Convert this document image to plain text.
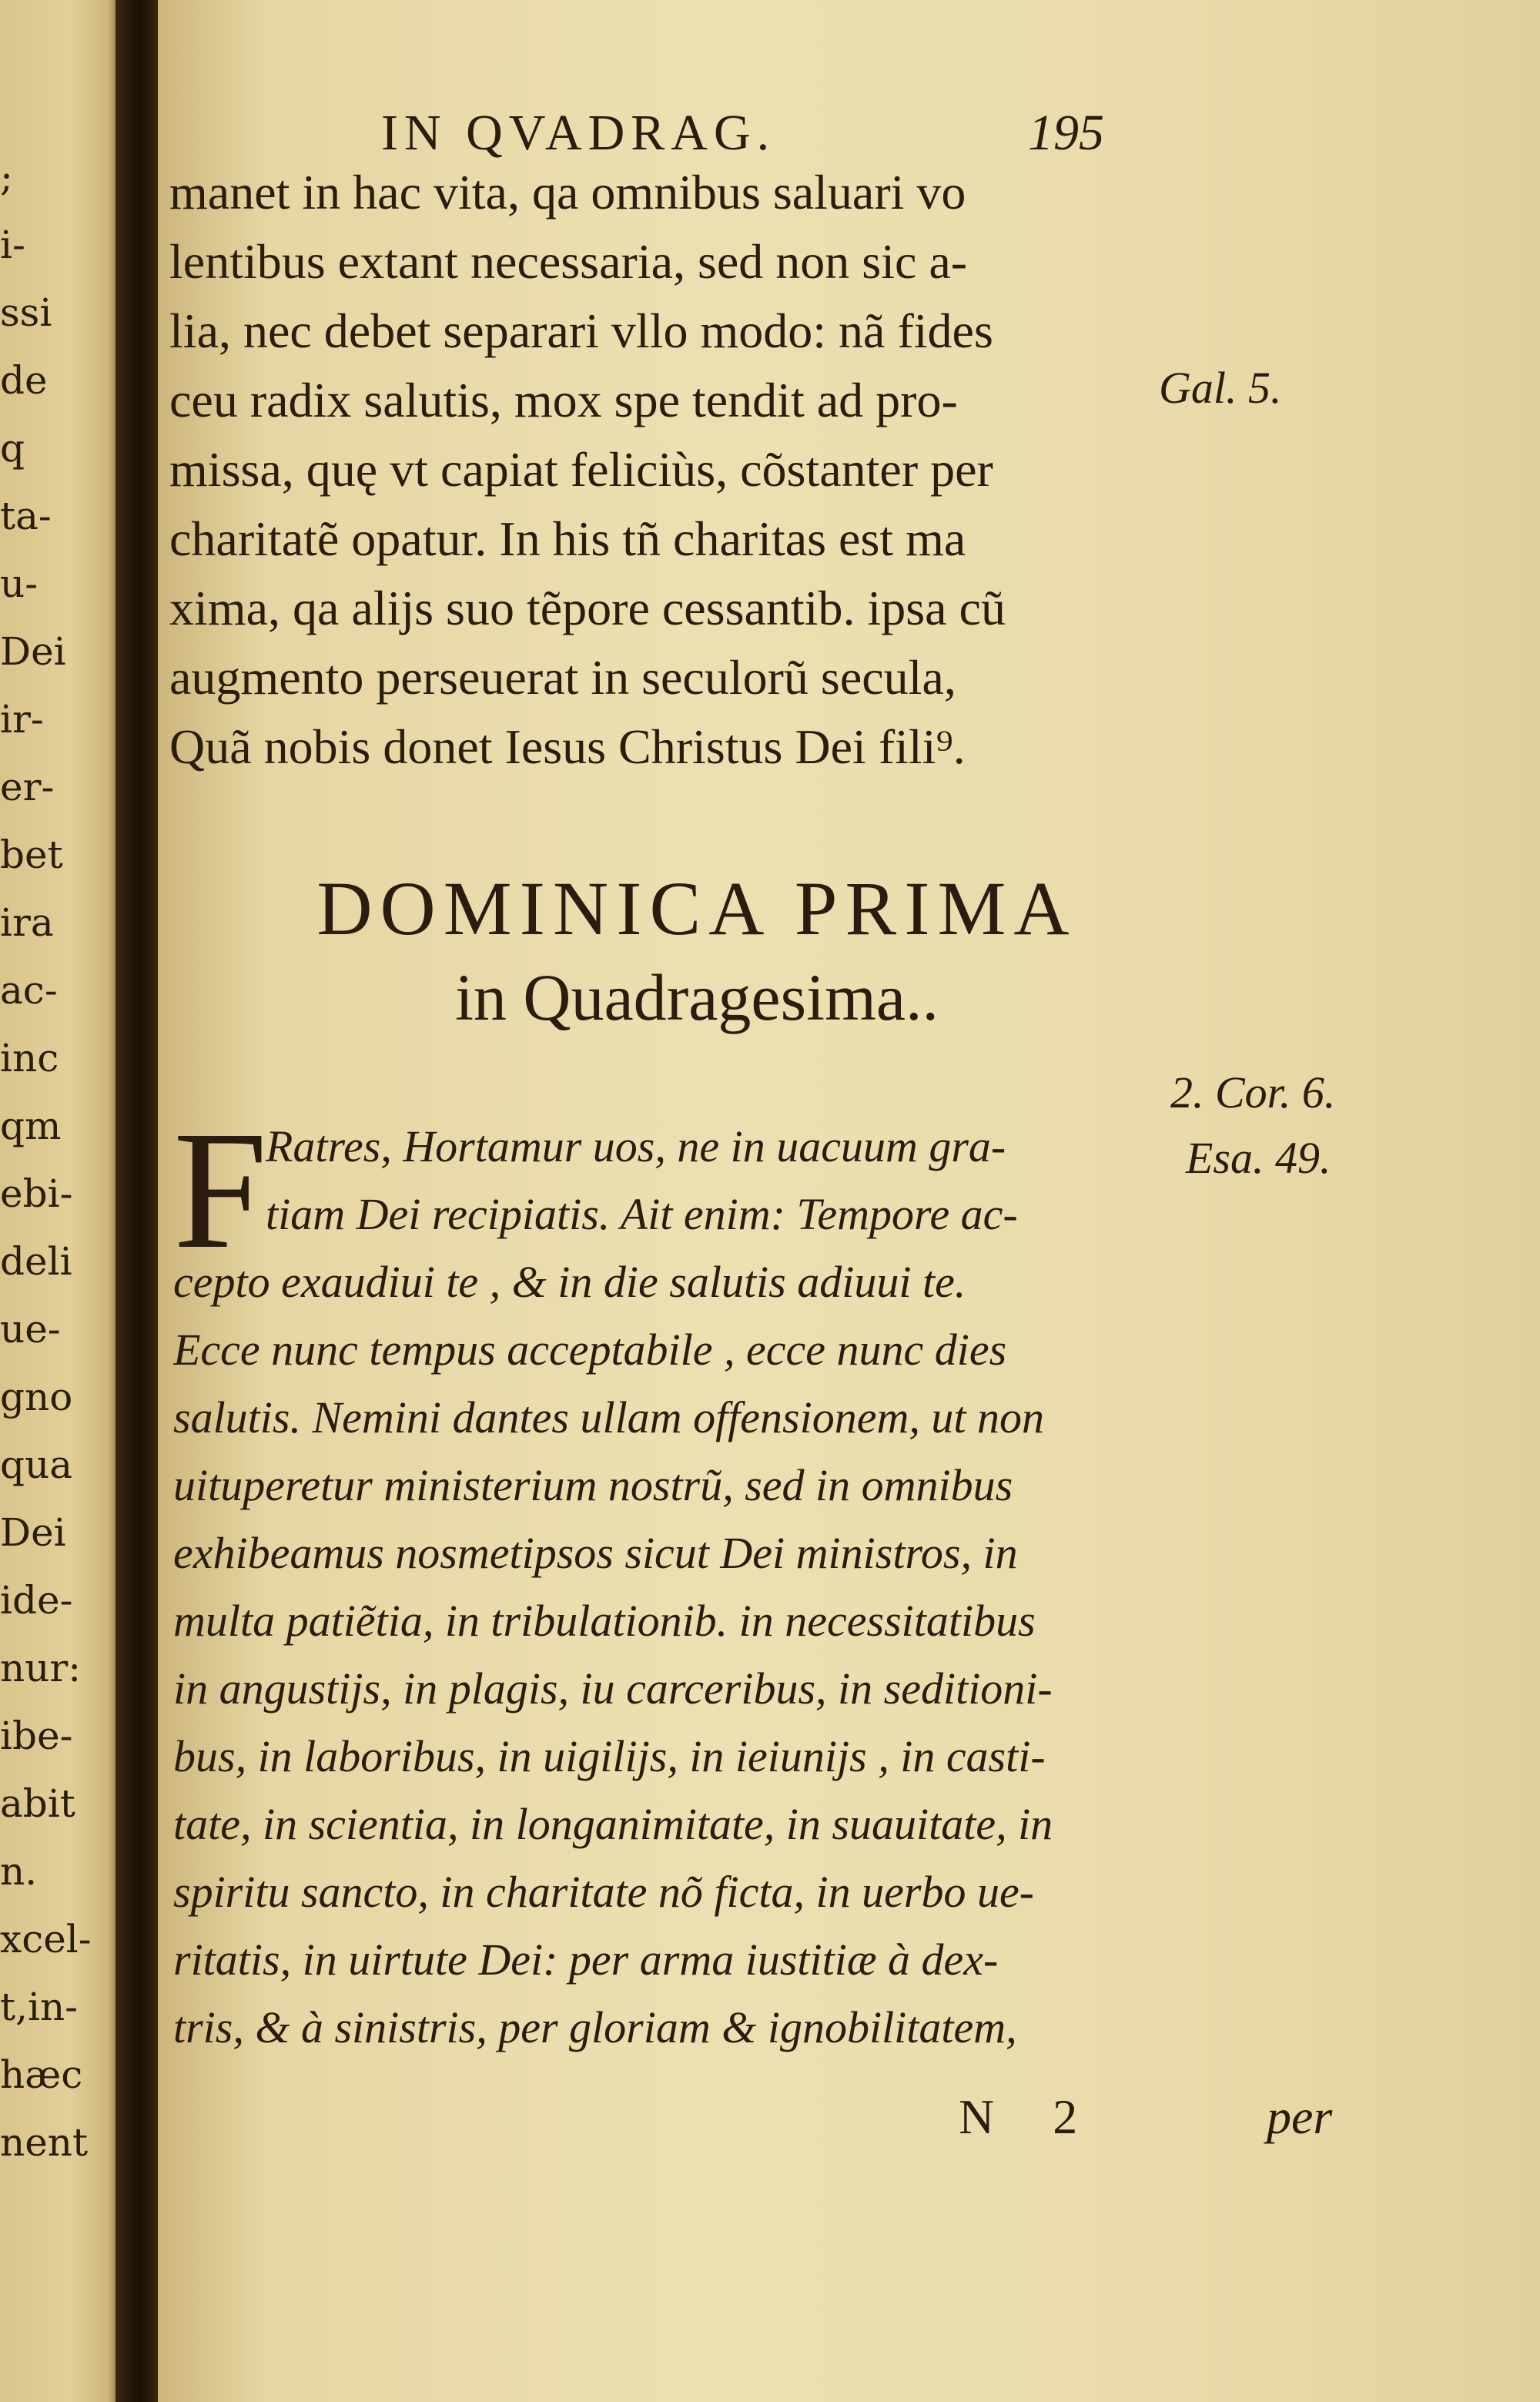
;
i-
ssi
de
q
ta-
u-
Dei
ir-
er-
bet
ira
ac-
inc
qm
ebi-
deli
ue-
gno
qua
Dei
ide-
nur:
ibe-
abit
n.
xcel-
t,in-
hæc
nent
IN QVADRAG.	195
manet in hac vita, qa omnibus saluari vo
lentibus extant necessaria, sed non sic a-
lia, nec debet separari vllo modo: nã fides
ceu radix salutis, mox spe tendit ad pro-
missa, quę vt capiat feliciùs, cõstanter per
charitatẽ opatur. In his tñ charitas est ma
xima, qa alijs suo tẽpore cessantib. ipsa cũ
augmento perseuerat in seculorũ secula,
Quã nobis donet Iesus Christus Dei fili⁹.
DOMINICA PRIMA
in Quadragesima..
F
Ratres, Hortamur uos, ne in uacuum gra-
tiam Dei recipiatis. Ait enim: Tempore ac-
cepto exaudiui te , & in die salutis adiuui te.
Ecce nunc tempus acceptabile , ecce nunc dies
salutis. Nemini dantes ullam offensionem, ut non
uituperetur ministerium nostrũ, sed in omnibus
exhibeamus nosmetipsos sicut Dei ministros, in
multa patiẽtia, in tribulationib. in necessitatibus
in angustijs, in plagis, iu carceribus, in seditioni-
bus, in laboribus, in uigilijs, in ieiunijs , in casti-
tate, in scientia, in longanimitate, in suauitate, in
spiritu sancto, in charitate nõ ficta, in uerbo ue-
ritatis, in uirtute Dei: per arma iustitiæ à dex-
tris, & à sinistris, per gloriam & ignobilitatem,
Gal. 5.
2. Cor. 6.
Esa. 49.
N 2	per
